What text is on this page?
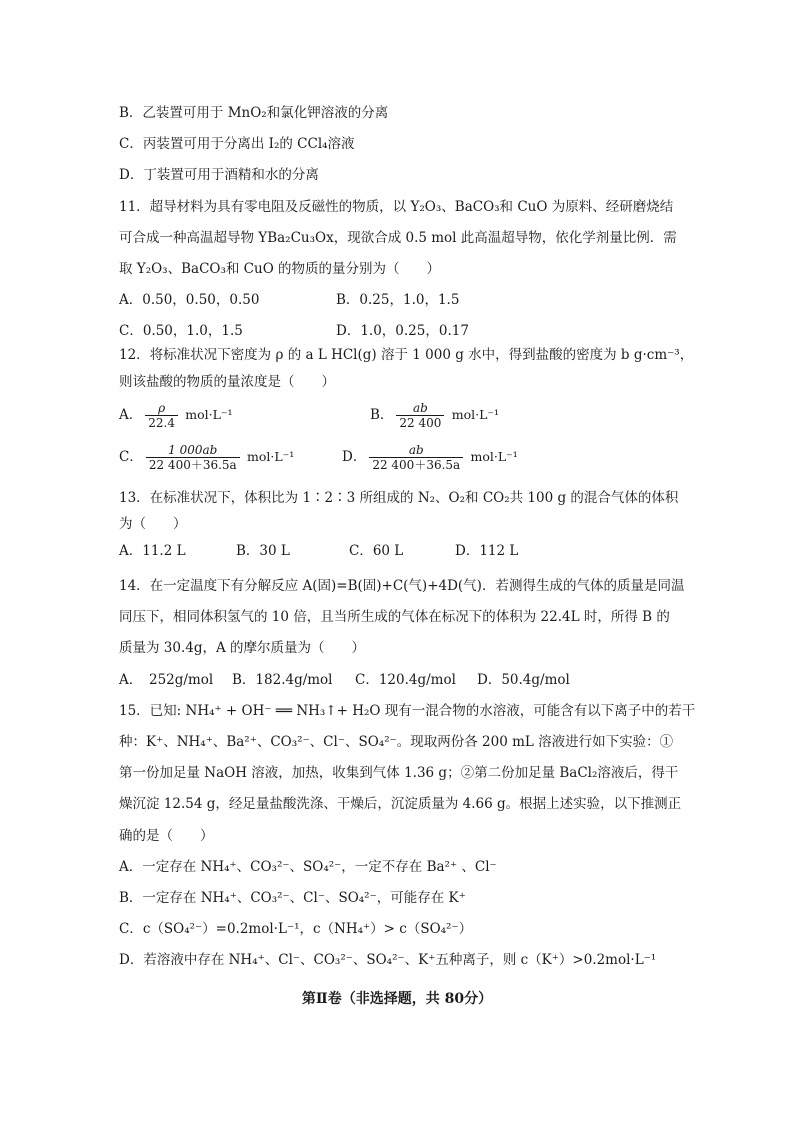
B．乙装置可用于 MnO₂和氯化钾溶液的分离
C．丙装置可用于分离出 I₂的 CCl₄溶液
D．丁装置可用于酒精和水的分离
11．超导材料为具有零电阻及反磁性的物质，以 Y₂O₃、BaCO₃和 CuO 为原料、经研磨烧结
可合成一种高温超导物 YBa₂Cu₃Ox，现欲合成 0.5 mol 此高温超导物，依化学剂量比例．需
取 Y₂O₃、BaCO₃和 CuO 的物质的量分别为（　　）
A．0.50，0.50，0.50	B．0.25，1.0，1.5
C．0.50，1.0，1.5	D．1.0，0.25，0.17
12．将标准状况下密度为 ρ 的 a L HCl(g) 溶于 1 000 g 水中，得到盐酸的密度为 b g·cm⁻³，
则该盐酸的物质的量浓度是（　　）
A． $\frac{\rho}{22.4} mol\cdot L^{-1}$	B． $\frac{ab}{22 400} mol\cdot L^{-1}$
C． $\frac{1 000ab}{22 400+36.5a} mol\cdot L^{-1}$	D． $\frac{ab}{22 400+36.5a} mol\cdot L^{-1}$
13．在标准状况下，体积比为 1∶2∶3 所组成的 N₂、O₂和 CO₂共 100 g 的混合气体的体积
为（　　）
A．11.2 L	B．30 L	C．60 L	D．112 L
14．在一定温度下有分解反应 A(固)=B(固)+C(气)+4D(气)．若测得生成的气体的质量是同温
同压下，相同体积氢气的 10 倍，且当所生成的气体在标况下的体积为 22.4L 时，所得 B 的
质量为 30.4g，A 的摩尔质量为（　　）
A．　252g/mol B．182.4g/mol C．120.4g/mol D．50.4g/mol
15．已知: NH₄⁺ + OH⁻ ══ NH₃↑+ H₂O 现有一混合物的水溶液，可能含有以下离子中的若干
种：K⁺、NH₄⁺、Ba²⁺、CO₃²⁻、Cl⁻、SO₄²⁻。现取两份各 200 mL 溶液进行如下实验：①
第一份加足量 NaOH 溶液，加热，收集到气体 1.36 g；②第二份加足量 BaCl₂溶液后，得干
燥沉淀 12.54 g，经足量盐酸洗涤、干燥后，沉淀质量为 4.66 g。根据上述实验，以下推测正
确的是（　　）
A．一定存在 NH₄⁺、CO₃²⁻、SO₄²⁻，一定不存在 Ba²⁺ 、Cl⁻
B．一定存在 NH₄⁺、CO₃²⁻、Cl⁻、SO₄²⁻，可能存在 K⁺
C．c（SO₄²⁻）=0.2mol·L⁻¹，c（NH₄⁺）> c（SO₄²⁻）
D．若溶液中存在 NH₄⁺、Cl⁻、CO₃²⁻、SO₄²⁻、K⁺五种离子，则 c（K⁺）>0.2mol·L⁻¹
第Ⅱ卷（非选择题，共 80分）
